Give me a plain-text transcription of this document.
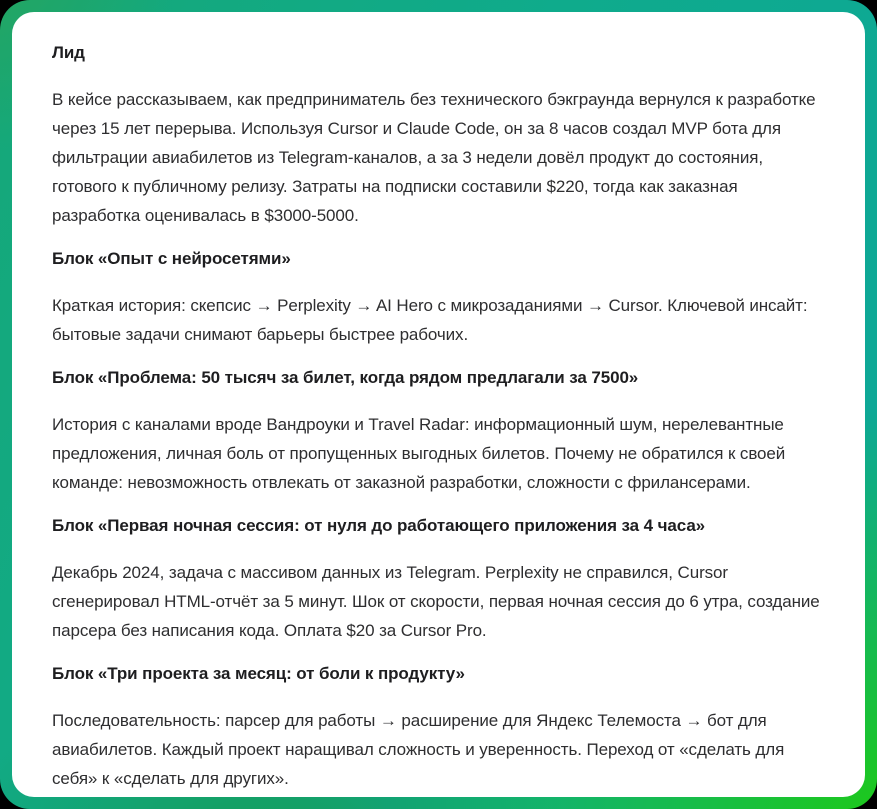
Лид

В кейсе рассказываем, как предприниматель без технического бэкграунда вернулся к разработке через 15 лет перерыва. Используя Cursor и Claude Code, он за 8 часов создал MVP бота для фильтрации авиабилетов из Telegram-каналов, а за 3 недели довёл продукт до состояния, готового к публичному релизу. Затраты на подписки составили $220, тогда как заказная разработка оценивалась в $3000-5000.

Блок «Опыт с нейросетями»

Краткая история: скепсис → Perplexity → AI Hero с микрозаданиями → Cursor. Ключевой инсайт: бытовые задачи снимают барьеры быстрее рабочих.

Блок «Проблема: 50 тысяч за билет, когда рядом предлагали за 7500»

История с каналами вроде Вандроуки и Travel Radar: информационный шум, нерелевантные предложения, личная боль от пропущенных выгодных билетов. Почему не обратился к своей команде: невозможность отвлекать от заказной разработки, сложности с фрилансерами.

Блок «Первая ночная сессия: от нуля до работающего приложения за 4 часа»

Декабрь 2024, задача с массивом данных из Telegram. Perplexity не справился, Cursor сгенерировал HTML-отчёт за 5 минут. Шок от скорости, первая ночная сессия до 6 утра, создание парсера без написания кода. Оплата $20 за Cursor Pro.

Блок «Три проекта за месяц: от боли к продукту»

Последовательность: парсер для работы → расширение для Яндекс Телемоста → бот для авиабилетов. Каждый проект наращивал сложность и уверенность. Переход от «сделать для себя» к «сделать для других».
